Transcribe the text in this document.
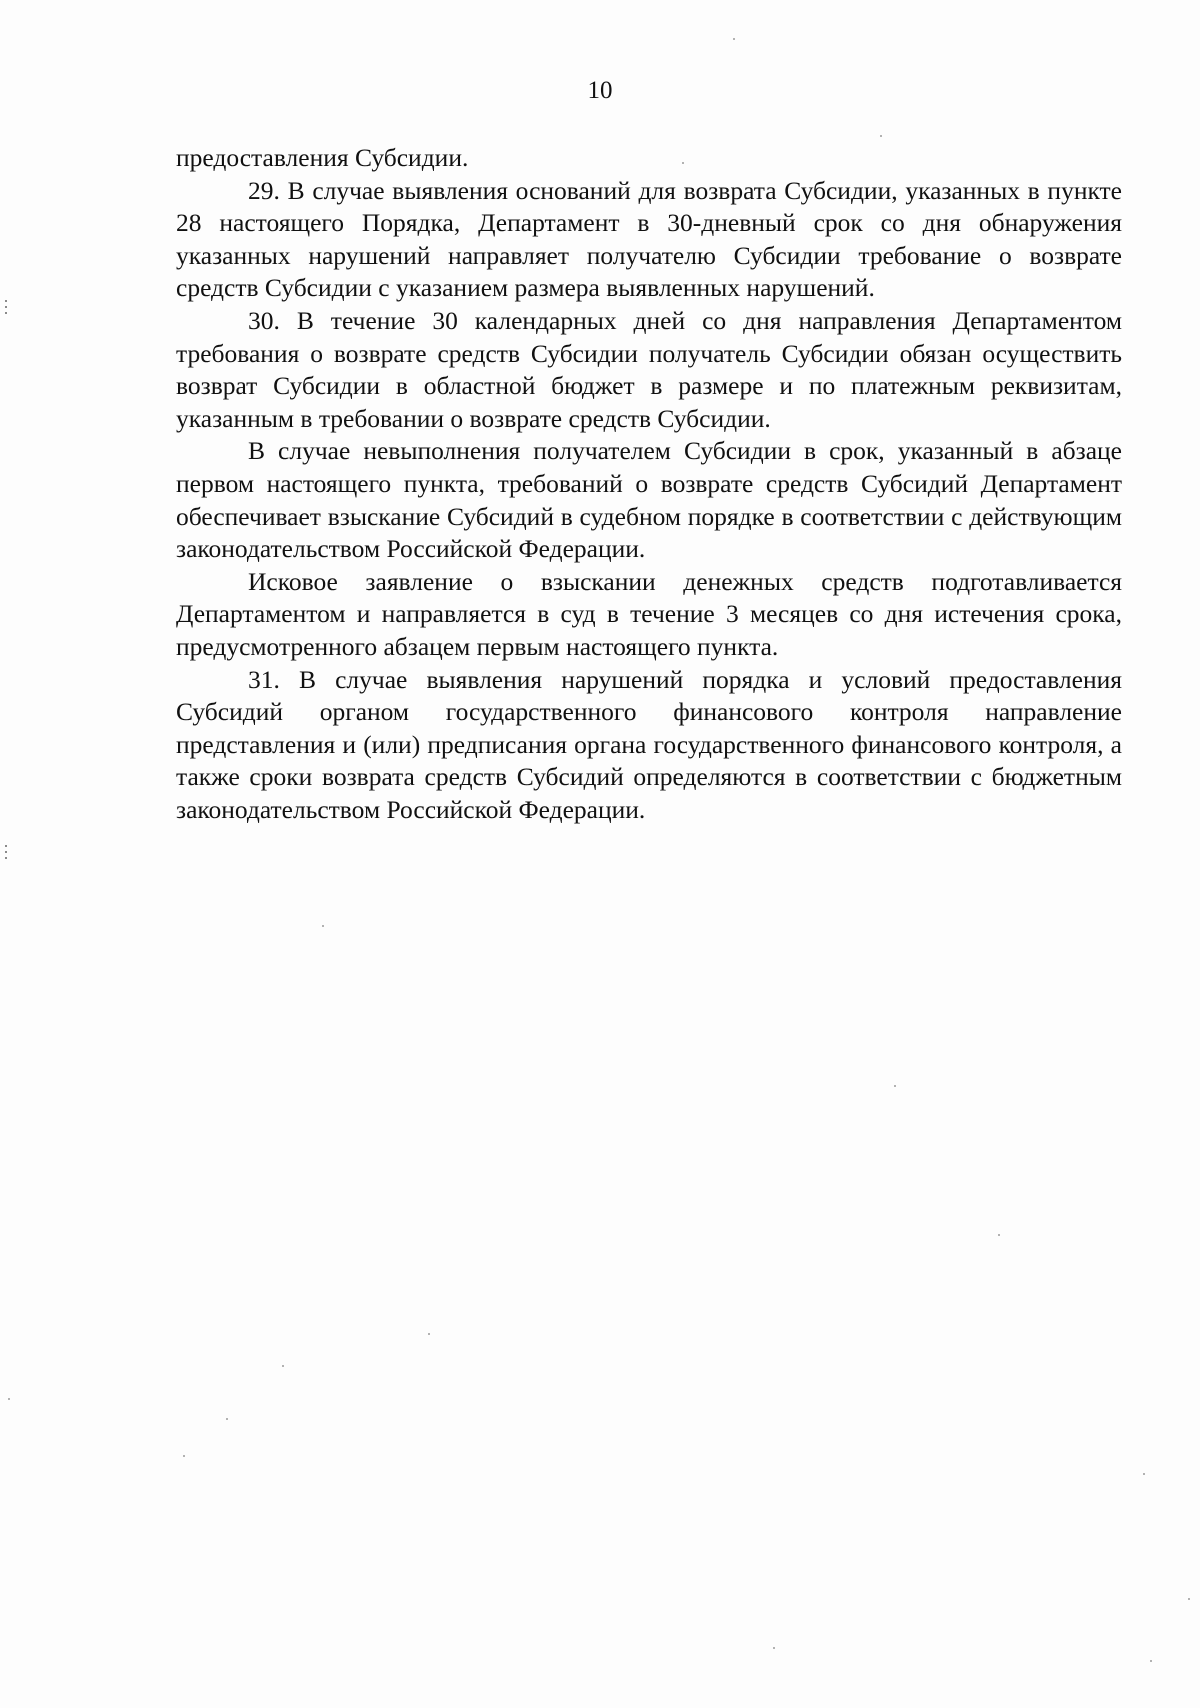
10

предоставления Субсидии.

29. В случае выявления оснований для возврата Субсидии, указанных в пункте 28 настоящего Порядка, Департамент в 30-дневный срок со дня обнаружения указанных нарушений направляет получателю Субсидии требование о возврате средств Субсидии с указанием размера выявленных нарушений.

30. В течение 30 календарных дней со дня направления Департаментом требования о возврате средств Субсидии получатель Субсидии обязан осуществить возврат Субсидии в областной бюджет в размере и по платежным реквизитам, указанным в требовании о возврате средств Субсидии.

В случае невыполнения получателем Субсидии в срок, указанный в абзаце первом настоящего пункта, требований о возврате средств Субсидий Департамент обеспечивает взыскание Субсидий в судебном порядке в соответствии с действующим законодательством Российской Федерации.

Исковое заявление о взыскании денежных средств подготавливается Департаментом и направляется в суд в течение 3 месяцев со дня истечения срока, предусмотренного абзацем первым настоящего пункта.

31. В случае выявления нарушений порядка и условий предоставления Субсидий органом государственного финансового контроля направление представления и (или) предписания органа государственного финансового контроля, а также сроки возврата средств Субсидий определяются в соответствии с бюджетным законодательством Российской Федерации.
